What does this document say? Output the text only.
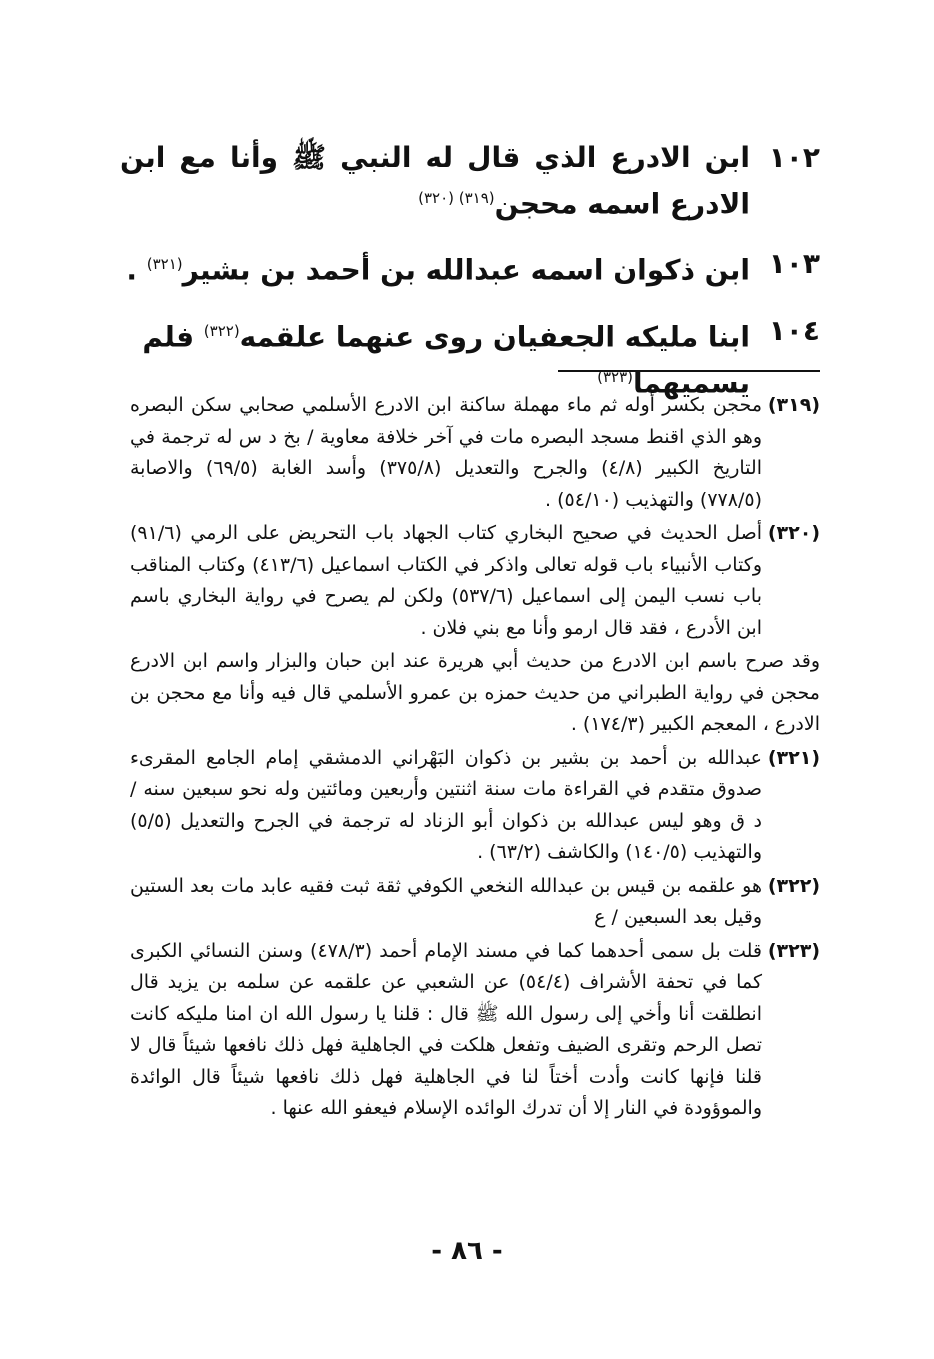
١٠٢
ابن الادرع الذي قال له النبي ﷺ وأنا مع ابن الادرع اسمه محجن$^{(٣١٩) (٣٢٠)}$
١٠٣
ابن ذكوان اسمه عبدالله بن أحمد بن بشير$^{(٣٢١)}$ .
١٠٤
ابنا مليكه الجعفيان روى عنهما علقمه$^{(٣٢٢)}$ فلم يسميهما$^{(٣٢٣)}$
(٣١٩)
محجن بكسر أوله ثم ماء مهملة ساكنة ابن الادرع الأسلمي صحابي سكن البصره وهو الذي اقنط مسجد البصره مات في آخر خلافة معاوية / بخ د س له ترجمة في التاريخ الكبير (٤/٨) والجرح والتعديل (٣٧٥/٨) وأسد الغابة (٦٩/٥) والاصابة (٧٧٨/٥) والتهذيب (٥٤/١٠) .
(٣٢٠)
أصل الحديث في صحيح البخاري كتاب الجهاد باب التحريض على الرمي (٩١/٦) وكتاب الأنبياء باب قوله تعالى واذكر في الكتاب اسماعيل (٤١٣/٦) وكتاب المناقب باب نسب اليمن إلى اسماعيل (٥٣٧/٦) ولكن لم يصرح في رواية البخاري باسم ابن الأدرع ، فقد قال ارمو وأنا مع بني فلان .
وقد صرح باسم ابن الادرع من حديث أبي هريرة عند ابن حبان والبزار واسم ابن الادرع محجن في رواية الطبراني من حديث حمزه بن عمرو الأسلمي قال فيه وأنا مع محجن بن الادرع ، المعجم الكبير (١٧٤/٣) .
(٣٢١)
عبدالله بن أحمد بن بشير بن ذكوان البَهْراني الدمشقي إمام الجامع المقرىء صدوق متقدم في القراءة مات سنة اثنتين وأربعين ومائتين وله نحو سبعين سنه / د ق وهو ليس عبدالله بن ذكوان أبو الزناد له ترجمة في الجرح والتعديل (٥/٥) والتهذيب (١٤٠/٥) والكاشف (٦٣/٢) .
(٣٢٢)
هو علقمه بن قيس بن عبدالله النخعي الكوفي ثقة ثبت فقيه عابد مات بعد الستين وقيل بعد السبعين / ع
(٣٢٣)
قلت بل سمى أحدهما كما في مسند الإمام أحمد (٤٧٨/٣) وسنن النسائي الكبرى كما في تحفة الأشراف (٥٤/٤) عن الشعبي عن علقمه عن سلمه بن يزيد قال انطلقت أنا وأخي إلى رسول الله ﷺ قال : قلنا يا رسول الله ان امنا مليكه كانت تصل الرحم وتقرى الضيف وتفعل هلكت في الجاهلية فهل ذلك نافعها شيئاً قال لا قلنا فإنها كانت وأدت أختاً لنا في الجاهلية فهل ذلك نافعها شيئاً قال الوائدة والموؤودة في النار إلا أن تدرك الوائده الإسلام فيعفو الله عنها .
- ٨٦ -
